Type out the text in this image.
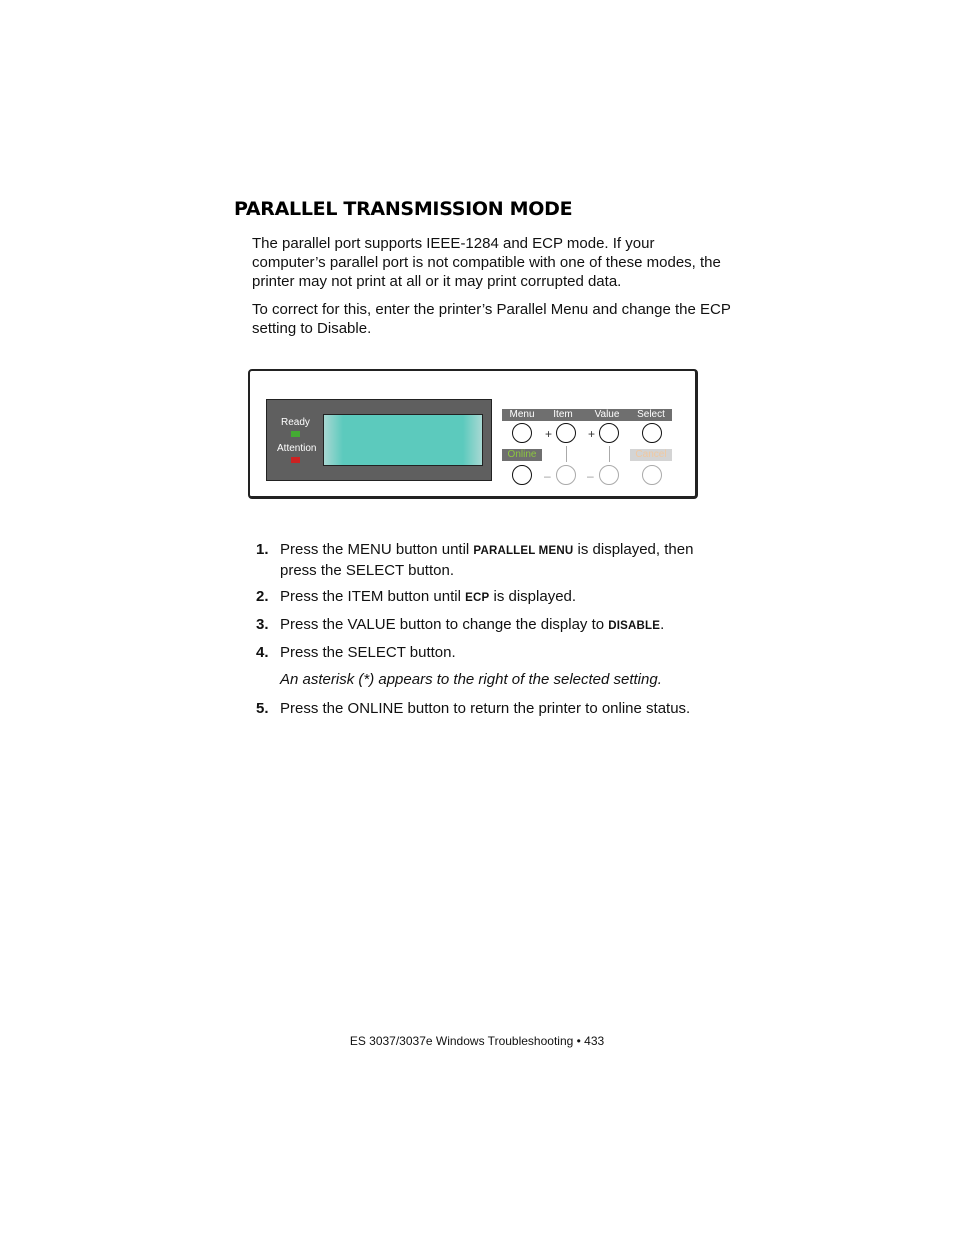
PARALLEL TRANSMISSION MODE

The parallel port supports IEEE-1284 and ECP mode. If your computer’s parallel port is not compatible with one of these modes, the printer may not print at all or it may print corrupted data.

To correct for this, enter the printer’s Parallel Menu and change the ECP setting to Disable.

Ready
Attention
Menu	Item	Value	Select
+	+
Online	Cancel
–	–
1. Press the MENU button until PARALLEL MENU is displayed, then press the SELECT button.
2. Press the ITEM button until ECP is displayed.
3. Press the VALUE button to change the display to DISABLE.
4. Press the SELECT button.
5. Press the ONLINE button to return the printer to online status.

An asterisk (*) appears to the right of the selected setting.

ES 3037/3037e Windows Troubleshooting • 433
